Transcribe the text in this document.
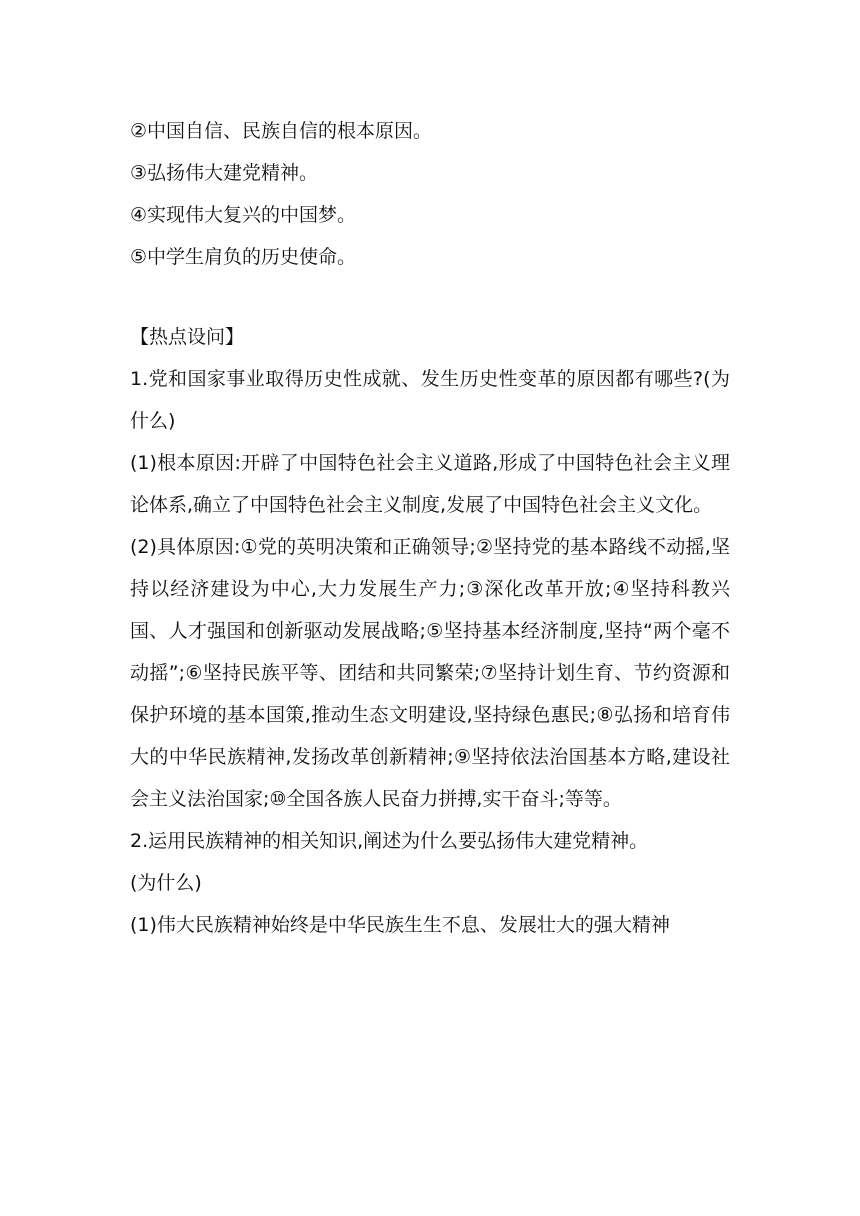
②中国自信、民族自信的根本原因。

③弘扬伟大建党精神。

④实现伟大复兴的中国梦。

⑤中学生肩负的历史使命。

【热点设问】

1.党和国家事业取得历史性成就、发生历史性变革的原因都有哪些?(为什么)

(1)根本原因:开辟了中国特色社会主义道路,形成了中国特色社会主义理论体系,确立了中国特色社会主义制度,发展了中国特色社会主义文化。

(2)具体原因:①党的英明决策和正确领导;②坚持党的基本路线不动摇,坚持以经济建设为中心,大力发展生产力;③深化改革开放;④坚持科教兴国、人才强国和创新驱动发展战略;⑤坚持基本经济制度,坚持“两个毫不动摇”;⑥坚持民族平等、团结和共同繁荣;⑦坚持计划生育、节约资源和保护环境的基本国策,推动生态文明建设,坚持绿色惠民;⑧弘扬和培育伟大的中华民族精神,发扬改革创新精神;⑨坚持依法治国基本方略,建设社会主义法治国家;⑩全国各族人民奋力拼搏,实干奋斗;等等。

2.运用民族精神的相关知识,阐述为什么要弘扬伟大建党精神。

(为什么)

(1)伟大民族精神始终是中华民族生生不息、发展壮大的强大精神
